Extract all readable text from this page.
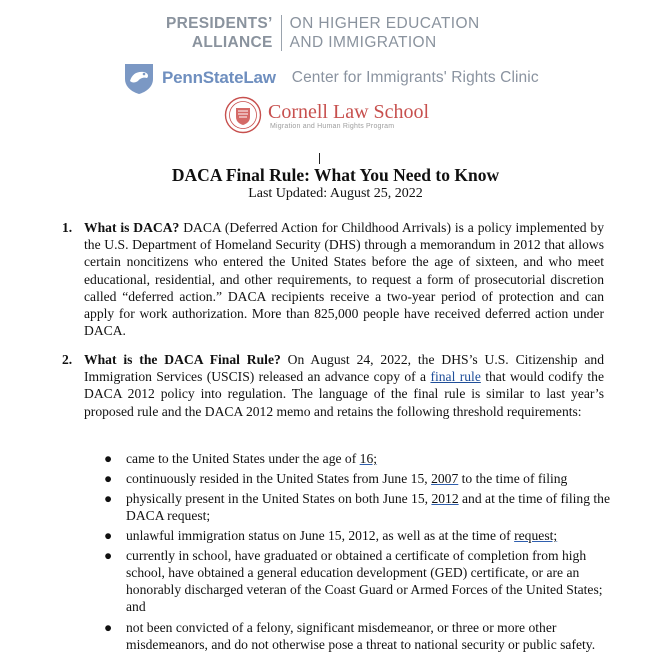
PRESIDENTS’
ALLIANCE
ON HIGHER EDUCATION
AND IMMIGRATION
PennStateLaw Center for Immigrants' Rights Clinic
Cornell Law School
Migration and Human Rights Program
DACA Final Rule: What You Need to Know
Last Updated: August 25, 2022
1. What is DACA? DACA (Deferred Action for Childhood Arrivals) is a policy implemented by the U.S. Department of Homeland Security (DHS) through a memorandum in 2012 that allows certain noncitizens who entered the United States before the age of sixteen, and who meet educational, residential, and other requirements, to request a form of prosecutorial discretion called “deferred action.” DACA recipients receive a two-year period of protection and can apply for work authorization. More than 825,000 people have received deferred action under DACA.
2. What is the DACA Final Rule? On August 24, 2022, the DHS’s U.S. Citizenship and Immigration Services (USCIS) released an advance copy of a final rule that would codify the DACA 2012 policy into regulation. The language of the final rule is similar to last year’s proposed rule and the DACA 2012 memo and retains the following threshold requirements:
● came to the United States under the age of 16;
● continuously resided in the United States from June 15, 2007 to the time of filing
● physically present in the United States on both June 15, 2012 and at the time of filing the DACA request;
● unlawful immigration status on June 15, 2012, as well as at the time of request;
● currently in school, have graduated or obtained a certificate of completion from high school, have obtained a general education development (GED) certificate, or are an honorably discharged veteran of the Coast Guard or Armed Forces of the United States; and
● not been convicted of a felony, significant misdemeanor, or three or more other misdemeanors, and do not otherwise pose a threat to national security or public safety.
